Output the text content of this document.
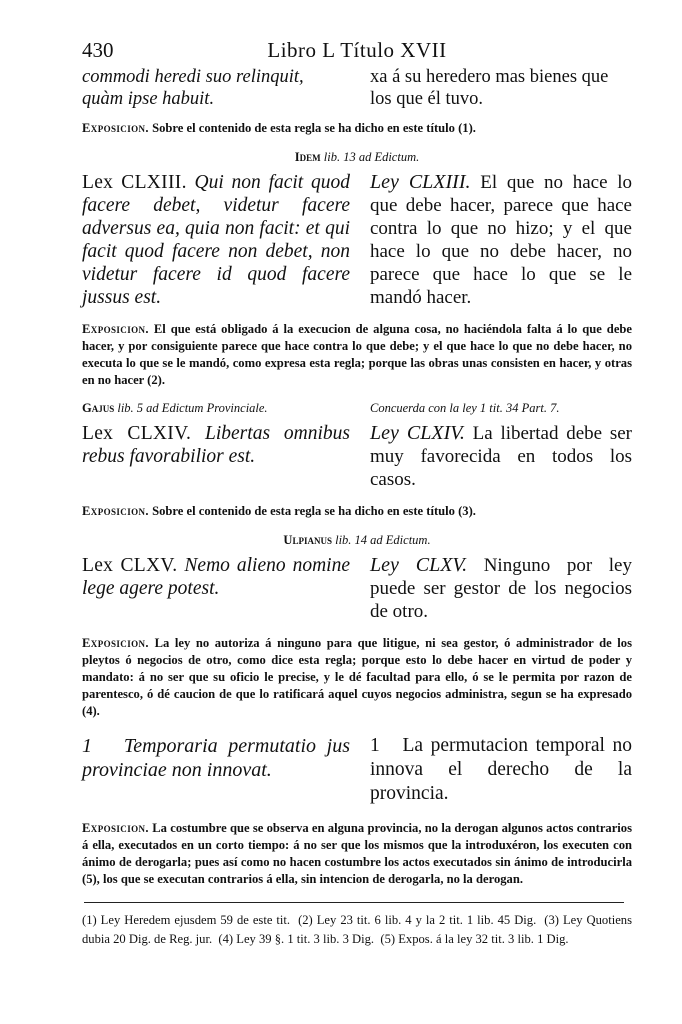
430	Libro L Título XVII
commodi heredi suo relinquit,
quàm ipse habuit.
xa á su heredero mas bienes que
los que él tuvo.

Exposicion. Sobre el contenido de esta regla se ha dicho en este título (1).

Idem lib. 13 ad Edictum.
Lex CLXIII. Qui non facit quod facere debet, videtur facere adversus ea, quia non facit: et qui facit quod facere non debet, non videtur facere id quod facere jussus est.
Ley CLXIII. El que no hace lo que debe hacer, parece que hace contra lo que no hizo; y el que hace lo que no debe hacer, no parece que hace lo que se le mandó hacer.

Exposicion. El que está obligado á la execucion de alguna cosa, no haciéndola falta á lo que debe hacer, y por consiguiente parece que hace contra lo que debe; y el que hace lo que no debe hacer, no executa lo que se le mandó, como expresa esta regla; porque las obras unas consisten en hacer, y otras en no hacer (2).

Gajus lib. 5 ad Edictum Provinciale.	Concuerda con la ley 1 tit. 34 Part. 7.
Lex CLXIV. Libertas omnibus rebus favorabilior est.
Ley CLXIV. La libertad debe ser muy favorecida en todos los casos.

Exposicion. Sobre el contenido de esta regla se ha dicho en este título (3).

Ulpianus lib. 14 ad Edictum.
Lex CLXV. Nemo alieno nomine lege agere potest.
Ley CLXV. Ninguno por ley puede ser gestor de los negocios de otro.

Exposicion. La ley no autoriza á ninguno para que litigue, ni sea gestor, ó administrador de los pleytos ó negocios de otro, como dice esta regla; porque esto lo debe hacer en virtud de poder y mandato: á no ser que su oficio le precise, y le dé facultad para ello, ó se le permita por razon de parentesco, ó dé caucion de que lo ratificará aquel cuyos negocios administra, segun se ha expresado (4).

1 Temporaria permutatio jus provinciae non innovat.
1 La permutacion temporal no innova el derecho de la provincia.

Exposicion. La costumbre que se observa en alguna provincia, no la derogan algunos actos contrarios á ella, executados en un corto tiempo: á no ser que los mismos que la introduxéron, los executen con ánimo de derogarla; pues así como no hacen costumbre los actos executados sin ánimo de introducirla (5), los que se executan contrarios á ella, sin intencion de derogarla, no la derogan.

(1) Ley Heredem ejusdem 59 de este tit. (2) Ley 23 tit. 6 lib. 4 y la 2 tit. 1 lib. 45 Dig. (3) Ley Quotiens dubia 20 Dig. de Reg. jur. (4) Ley 39 §. 1 tit. 3 lib. 3 Dig. (5) Expos. á la ley 32 tit. 3 lib. 1 Dig.
